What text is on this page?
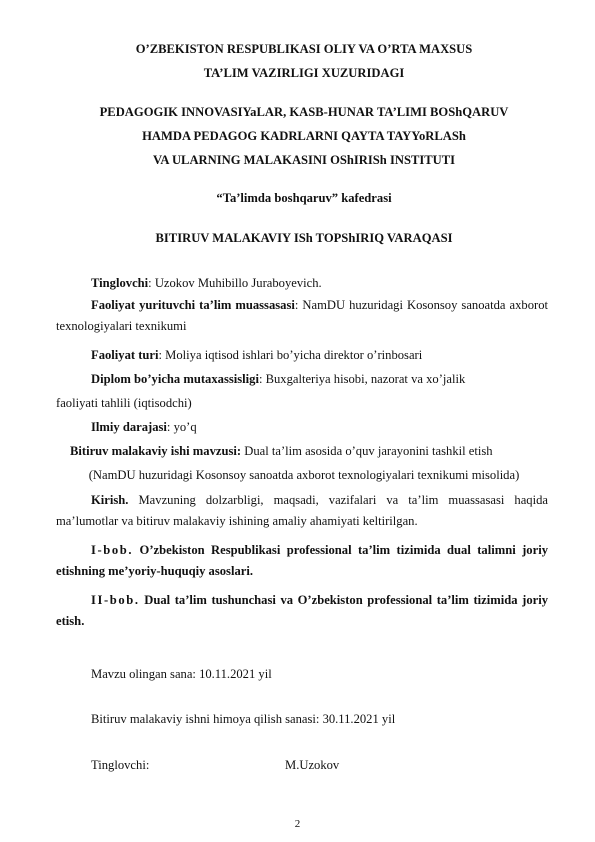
O’ZBEKISTON RESPUBLIKASI OLIY VA O’RTA MAXSUS
TA’LIM VAZIRLIGI XUZURIDAGI
PEDAGOGIK INNOVASIYaLAR, KASB-HUNAR TA’LIMI BOShQARUV
HAMDA PEDAGOG KADRLARNI QAYTA TAYYoRLASh
VA ULARNING MALAKASINI OShIRISh INSTITUTI
“Ta’limda boshqaruv” kafedrasi
BITIRUV MALAKAVIY ISh TOPShIRIQ VARAQASI
Tinglovchi: Uzokov Muhibillo Juraboyevich.
Faoliyat yurituvchi ta’lim muassasasi: NamDU huzuridagi Kosonsoy sanoatda axborot texnologiyalari texnikumi
Faoliyat turi: Moliya iqtisod ishlari bo’yicha direktor o’rinbosari
Diplom bo’yicha mutaxassisligi: Buxgalteriya hisobi, nazorat va xo’jalik
faoliyati tahlili (iqtisodchi)
Ilmiy darajasi: yo’q
Bitiruv malakaviy ishi mavzusi: Dual ta’lim asosida o’quv jarayonini tashkil etish
(NamDU huzuridagi Kosonsoy sanoatda axborot texnologiyalari texnikumi misolida)
Kirish. Mavzuning dolzarbligi, maqsadi, vazifalari va ta’lim muassasasi haqida ma’lumotlar va bitiruv malakaviy ishining amaliy ahamiyati keltirilgan.
I-bob. O’zbekiston Respublikasi professional ta’lim tizimida dual talimni joriy etishning me’yoriy-huquqiy asoslari.
II-bob. Dual ta’lim tushunchasi va O’zbekiston professional ta’lim tizimida joriy etish.
Mavzu olingan sana: 10.11.2021 yil
Bitiruv malakaviy ishni himoya qilish sanasi: 30.11.2021 yil
Tinglovchi:	M.Uzokov
2
